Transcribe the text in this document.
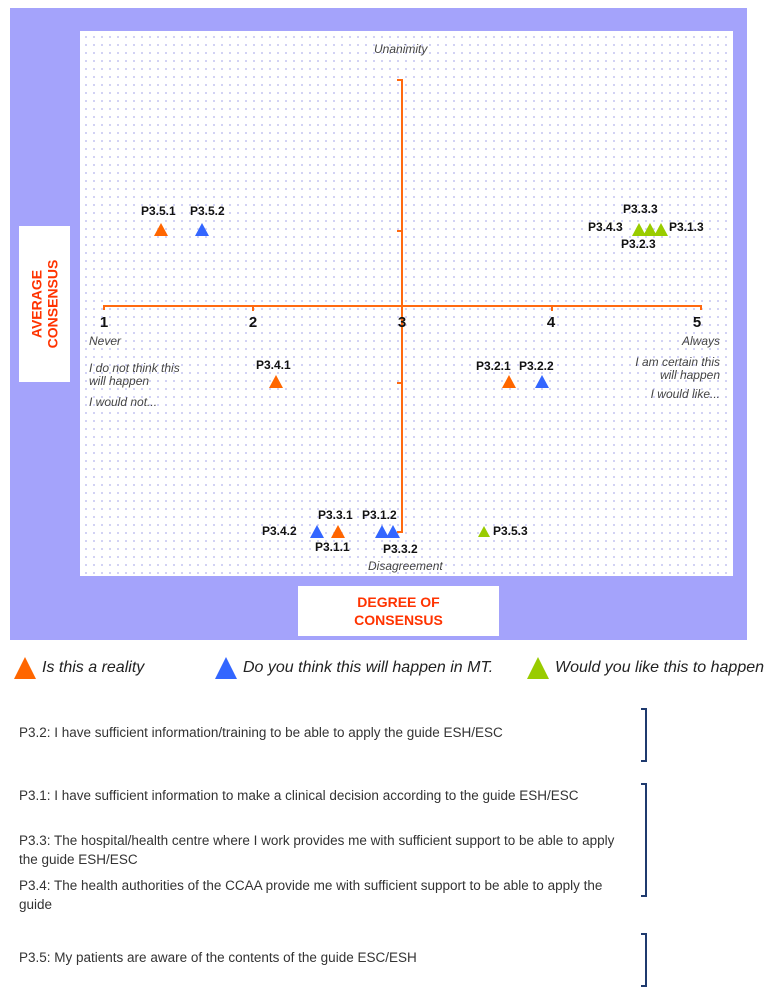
AVERAGE CONSENSUS
DEGREE OF
CONSENSUS
1	2	3	4	5
Unanimity
Disagreement
Never
I do not think this
will happen
I would not...
Always
I am certain this
will happen
I would like...
P3.5.1 P3.5.2	P3.3.3
P3.4.3	P3.1.3
P3.2.3
P3.4.1	P3.2.1 P3.2.2
P3.4.2
P3.3.1
P3.1.1
P3.1.2
P3.3.2
P3.5.3
Is this a reality	Do you think this will happen in MT.	Would you like this to happen
P3.2: I have sufficient information/training to be able to apply the guide ESH/ESC
P3.1: I have sufficient information to make a clinical decision according to the guide ESH/ESC
P3.3: The hospital/health centre where I work provides me with sufficient support to be able to apply the guide ESH/ESC
P3.4: The health authorities of the CCAA provide me with sufficient support to be able to apply the guide
P3.5: My patients are aware of the contents of the guide ESC/ESH
